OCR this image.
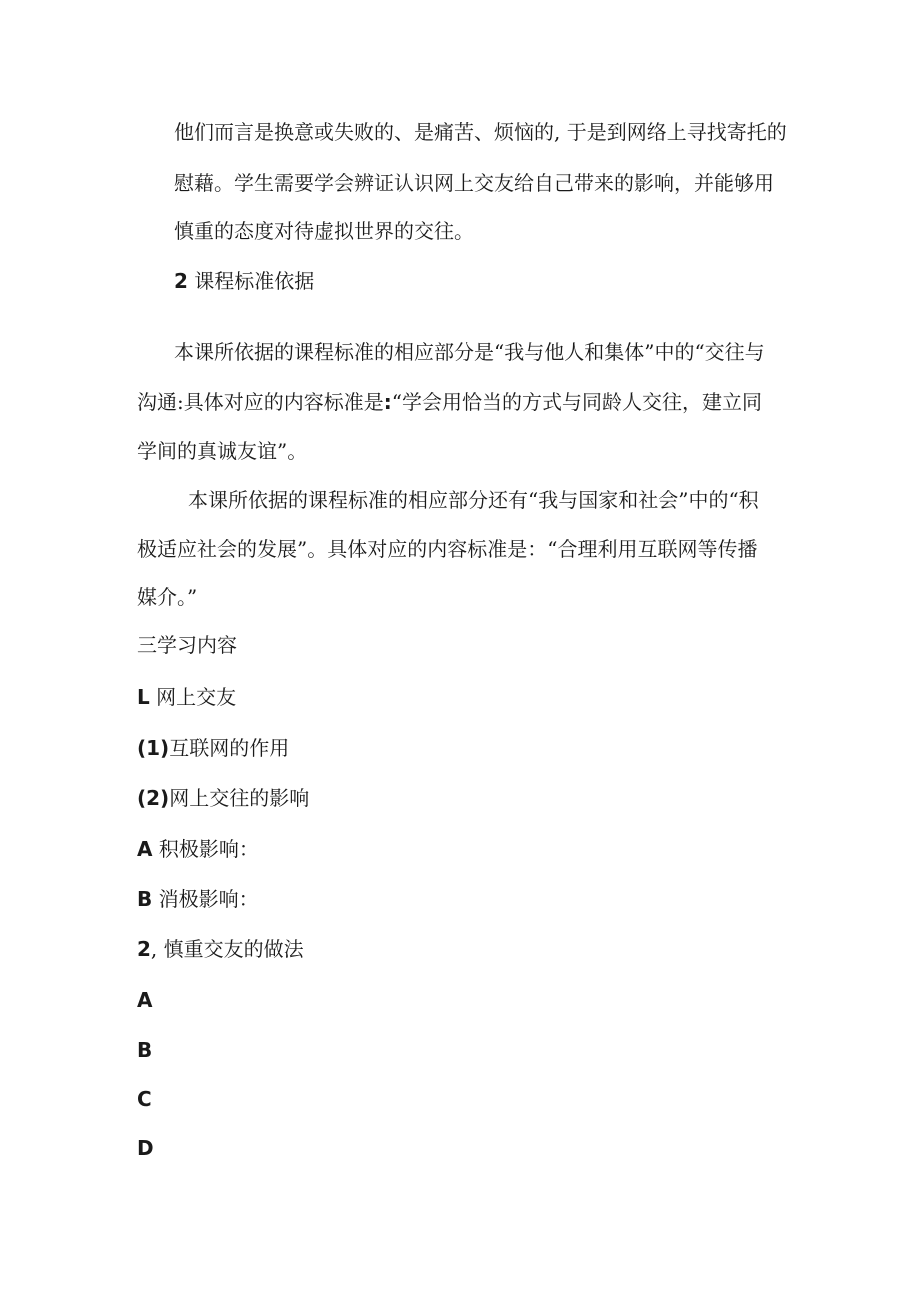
他们而言是换意或失败的、是痛苦、烦恼的, 于是到网络上寻找寄托的
慰藉。学生需要学会辨证认识网上交友给自己带来的影响，并能够用
慎重的态度对待虚拟世界的交往。
2 课程标准依据
本课所依据的课程标准的相应部分是“我与他人和集体”中的“交往与
沟通:具体对应的内容标准是:“学会用恰当的方式与同龄人交往，建立同
学间的真诚友谊”。
本课所依据的课程标准的相应部分还有“我与国家和社会”中的“积
极适应社会的发展”。具体对应的内容标准是：“合理利用互联网等传播
媒介。”
三学习内容
L 网上交友
(1)互联网的作用
(2)网上交往的影响
A 积极影响：
B 消极影响：
2, 慎重交友的做法
A
B
C
D
